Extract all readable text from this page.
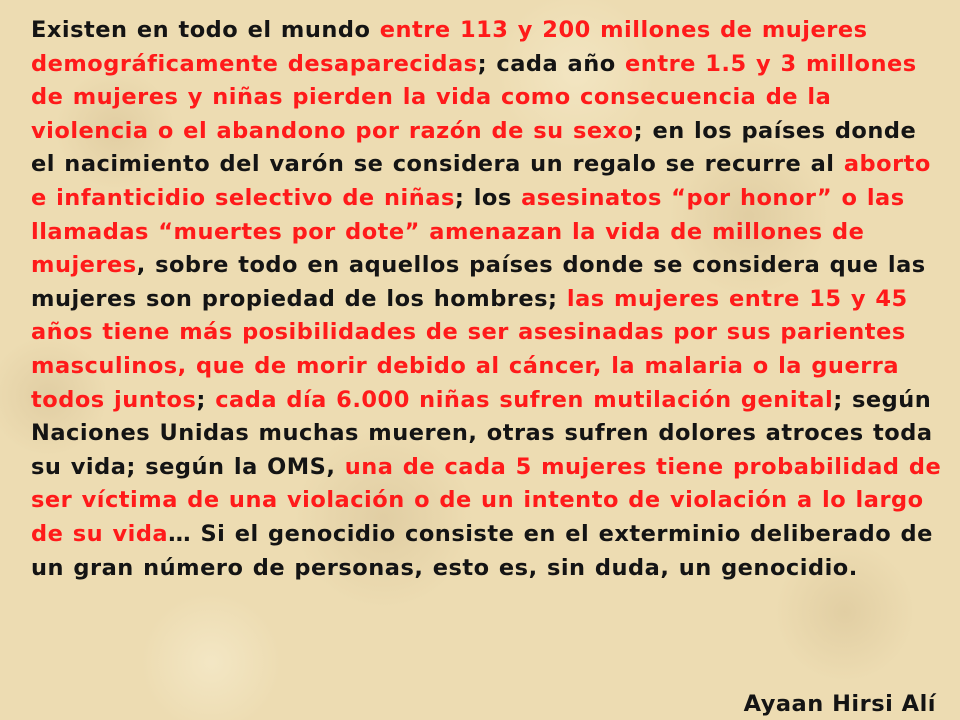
Existen en todo el mundo entre 113 y 200 millones de mujeres demográficamente desaparecidas; cada año entre 1.5 y 3 millones de mujeres y niñas pierden la vida como consecuencia de la violencia o el abandono por razón de su sexo; en los países donde el nacimiento del varón se considera un regalo se recurre al aborto e infanticidio selectivo de niñas; los asesinatos “por honor” o las llamadas “muertes por dote” amenazan la vida de millones de mujeres, sobre todo en aquellos países donde se considera que las mujeres son propiedad de los hombres; las mujeres entre 15 y 45 años tiene más posibilidades de ser asesinadas por sus parientes masculinos, que de morir debido al cáncer, la malaria o la guerra todos juntos; cada día 6.000 niñas sufren mutilación genital; según Naciones Unidas muchas mueren, otras sufren dolores atroces toda su vida; según la OMS, una de cada 5 mujeres tiene probabilidad de ser víctima de una violación o de un intento de violación a lo largo de su vida… Si el genocidio consiste en el exterminio deliberado de un gran número de personas, esto es, sin duda, un genocidio.

Ayaan Hirsi Alí
